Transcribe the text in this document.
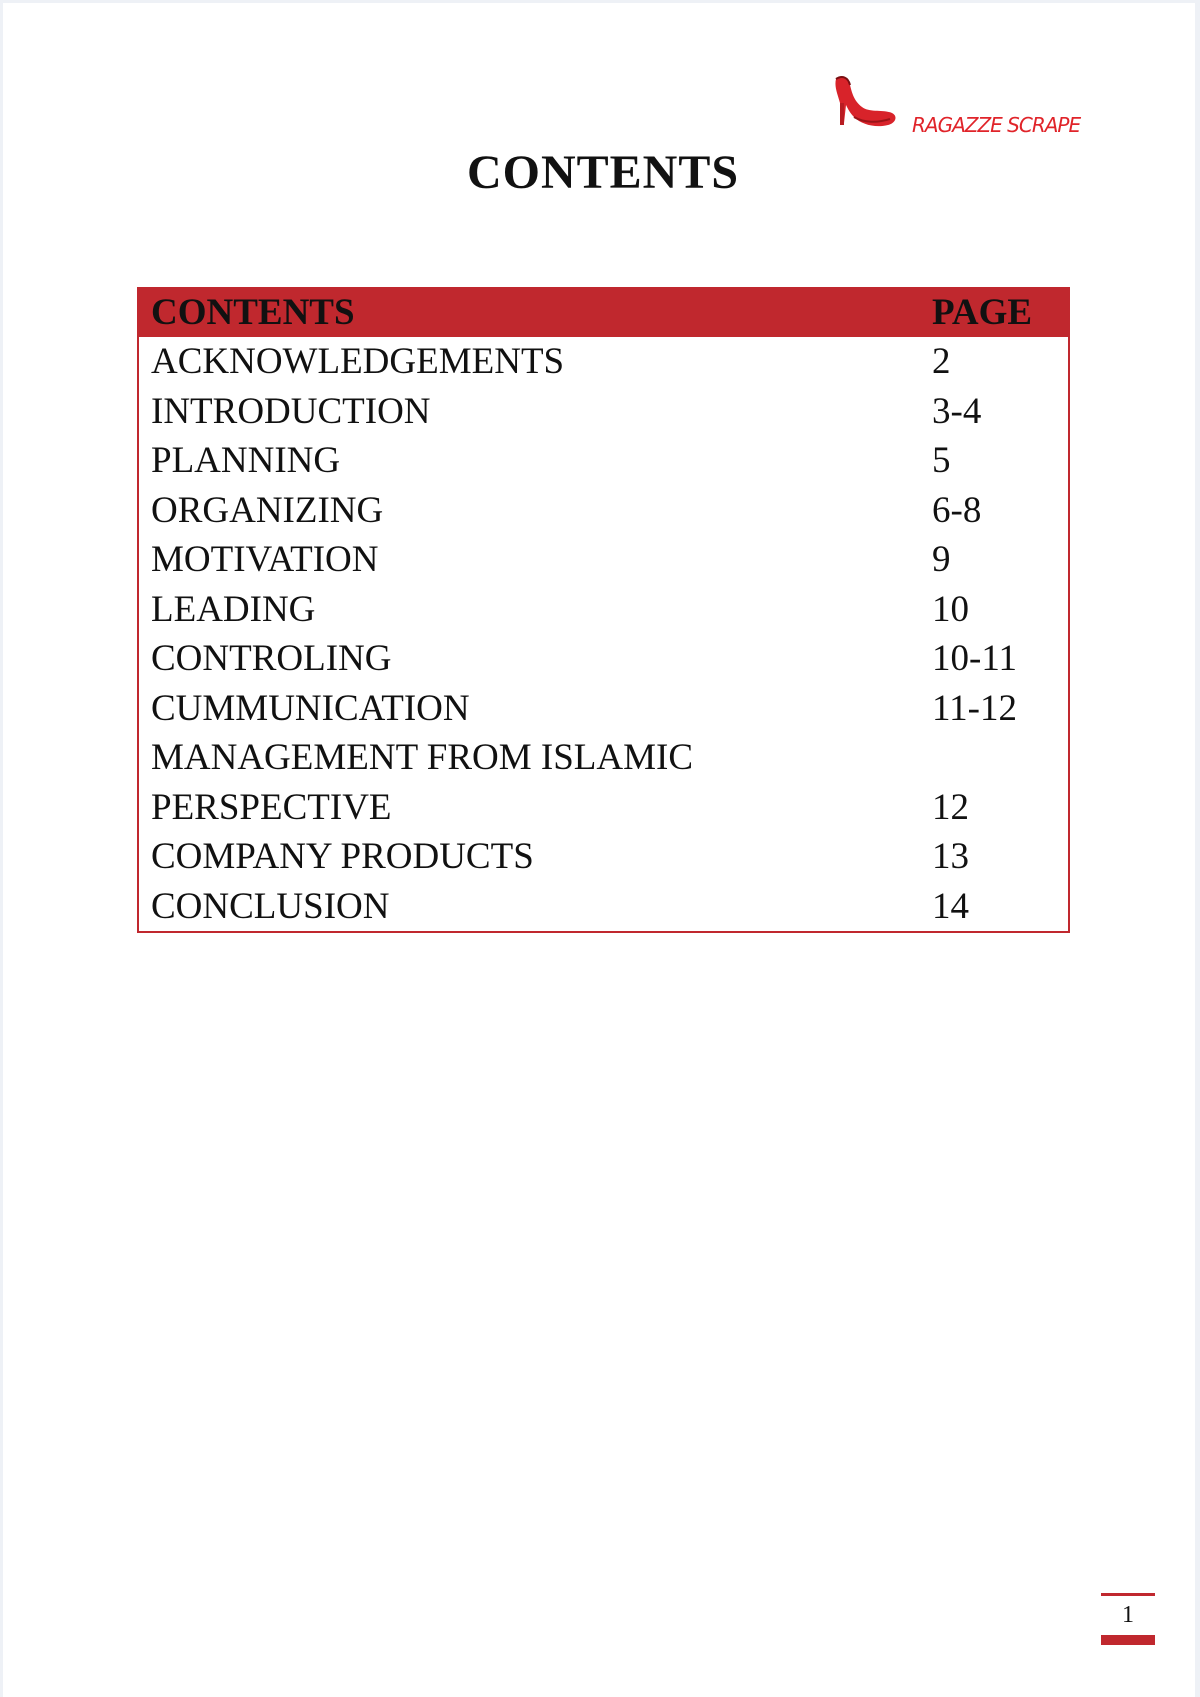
RAGAZZE SCRAPE
CONTENTS
CONTENTS	PAGE
ACKNOWLEDGEMENTS	2
INTRODUCTION	3-4
PLANNING	5
ORGANIZING	6-8
MOTIVATION	9
LEADING	10
CONTROLING	10-11
CUMMUNICATION	11-12
MANAGEMENT FROM ISLAMIC	
PERSPECTIVE	12
COMPANY PRODUCTS	13
CONCLUSION	14
1
